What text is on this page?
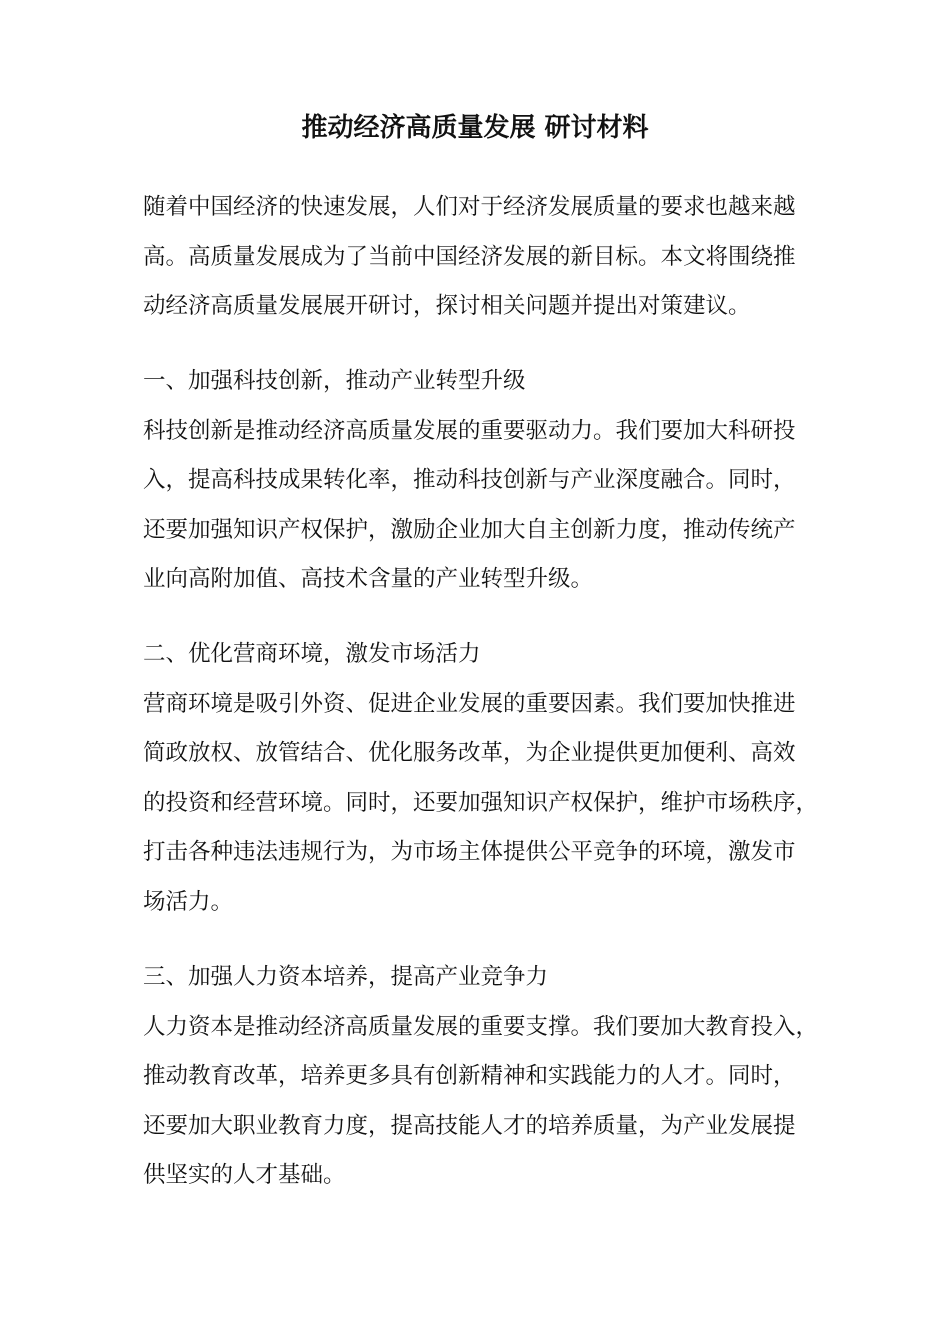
推动经济高质量发展 研讨材料
随着中国经济的快速发展，人们对于经济发展质量的要求也越来越
高。高质量发展成为了当前中国经济发展的新目标。本文将围绕推
动经济高质量发展展开研讨，探讨相关问题并提出对策建议。
一、加强科技创新，推动产业转型升级
科技创新是推动经济高质量发展的重要驱动力。我们要加大科研投
入，提高科技成果转化率，推动科技创新与产业深度融合。同时，
还要加强知识产权保护，激励企业加大自主创新力度，推动传统产
业向高附加值、高技术含量的产业转型升级。
二、优化营商环境，激发市场活力
营商环境是吸引外资、促进企业发展的重要因素。我们要加快推进
简政放权、放管结合、优化服务改革，为企业提供更加便利、高效
的投资和经营环境。同时，还要加强知识产权保护，维护市场秩序，
打击各种违法违规行为，为市场主体提供公平竞争的环境，激发市
场活力。
三、加强人力资本培养，提高产业竞争力
人力资本是推动经济高质量发展的重要支撑。我们要加大教育投入，
推动教育改革，培养更多具有创新精神和实践能力的人才。同时，
还要加大职业教育力度，提高技能人才的培养质量，为产业发展提
供坚实的人才基础。
